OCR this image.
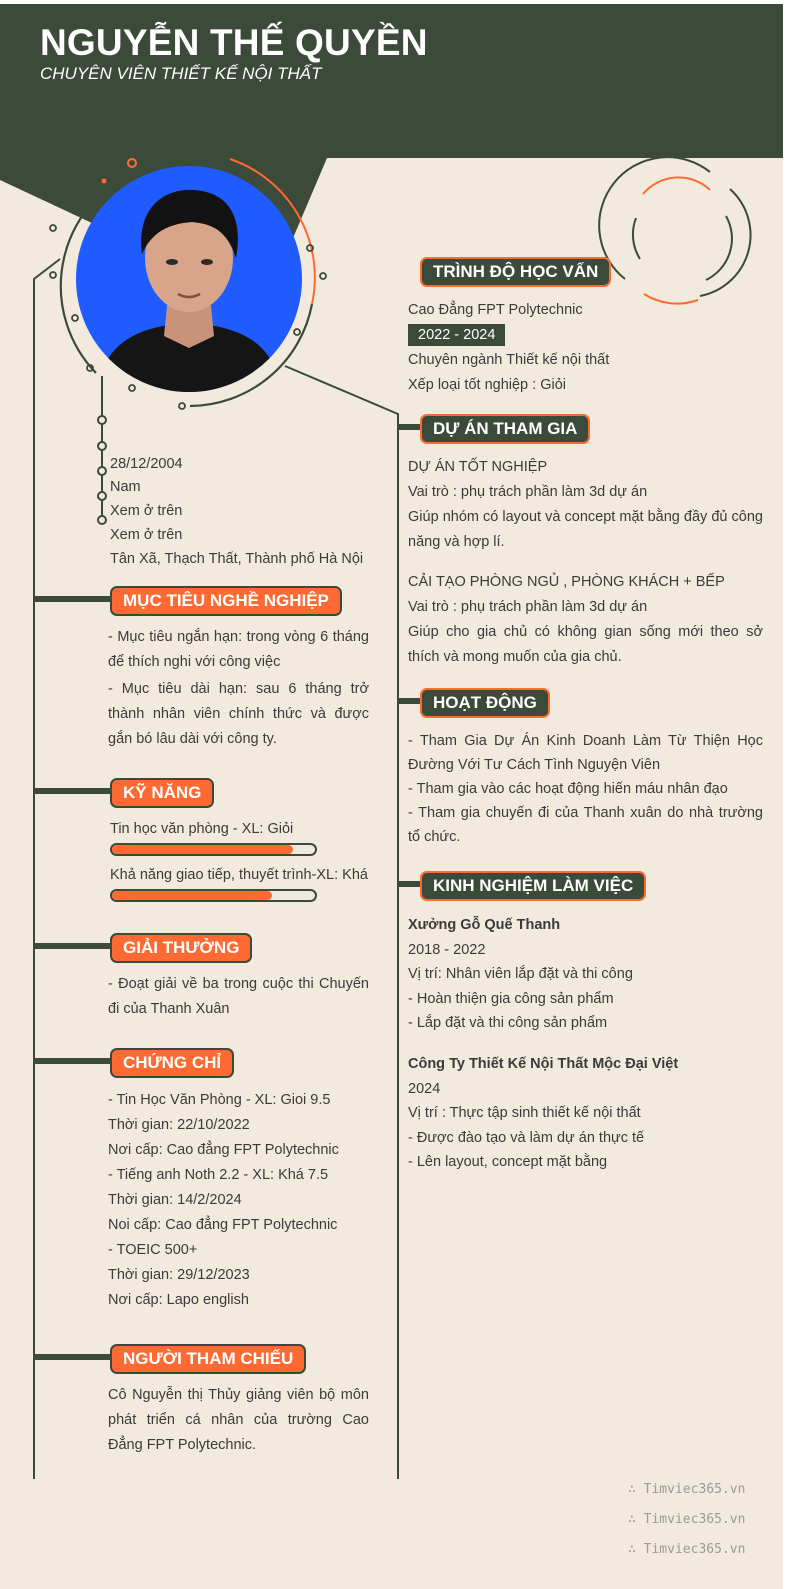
NGUYỄN THẾ QUYỀN
CHUYÊN VIÊN THIẾT KẾ NỘI THẤT
28/12/2004
Nam
Xem ở trên
Xem ở trên
Tân Xã, Thạch Thất, Thành phố Hà Nội
MỤC TIÊU NGHỀ NGHIỆP
- Mục tiêu ngắn hạn: trong vòng 6 tháng để thích nghi với công việc
- Mục tiêu dài hạn: sau 6 tháng trở thành nhân viên chính thức và được gắn bó lâu dài với công ty.
KỸ NĂNG
Tin học văn phòng - XL: Giỏi
Khả năng giao tiếp, thuyết trình-XL: Khá
GIẢI THƯỞNG
- Đoạt giải về ba trong cuộc thi Chuyến đi của Thanh Xuân
CHỨNG CHỈ
- Tin Học Văn Phòng - XL: Gioi 9.5
Thời gian: 22/10/2022
Nơi cấp: Cao đẳng FPT Polytechnic
- Tiếng anh Noth 2.2 - XL: Khá 7.5
Thời gian: 14/2/2024
Noi cấp: Cao đẳng FPT Polytechnic
- TOEIC 500+
Thời gian: 29/12/2023
Nơi cấp: Lapo english
NGƯỜI THAM CHIẾU
Cô Nguyễn thị Thủy giảng viên bộ môn phát triển cá nhân của trường Cao Đẳng FPT Polytechnic.
TRÌNH ĐỘ HỌC VẤN
Cao Đẳng FPT Polytechnic
2022 - 2024
Chuyên ngành Thiết kế nội thất
Xếp loại tốt nghiệp : Giỏi
DỰ ÁN THAM GIA
DỰ ÁN TỐT NGHIỆP
Vai trò : phụ trách phần làm 3d dự án
Giúp nhóm có layout và concept mặt bằng đầy đủ công năng và hợp lí.
CẢI TẠO PHÒNG NGỦ , PHÒNG KHÁCH + BẾP
Vai trò : phụ trách phần làm 3d dự án
Giúp cho gia chủ có không gian sống mới theo sở thích và mong muốn của gia chủ.
HOẠT ĐỘNG
- Tham Gia Dự Án Kinh Doanh Làm Từ Thiện Học Đường Với Tư Cách Tình Nguyện Viên
- Tham gia vào các hoạt động hiến máu nhân đạo
- Tham gia chuyến đi của Thanh xuân do nhà trường tổ chức.
KINH NGHIỆM LÀM VIỆC
Xưởng Gỗ Quế Thanh
2018 - 2022
Vị trí: Nhân viên lắp đặt và thi công
- Hoàn thiện gia công sản phẩm
- Lắp đặt và thi công sản phẩm
Công Ty Thiết Kế Nội Thất Mộc Đại Việt
2024
Vị trí : Thực tập sinh thiết kế nội thất
- Được đào tạo và làm dự án thực tế
- Lên layout, concept mặt bằng
∴ Timviec365.vn
∴ Timviec365.vn
∴ Timviec365.vn
